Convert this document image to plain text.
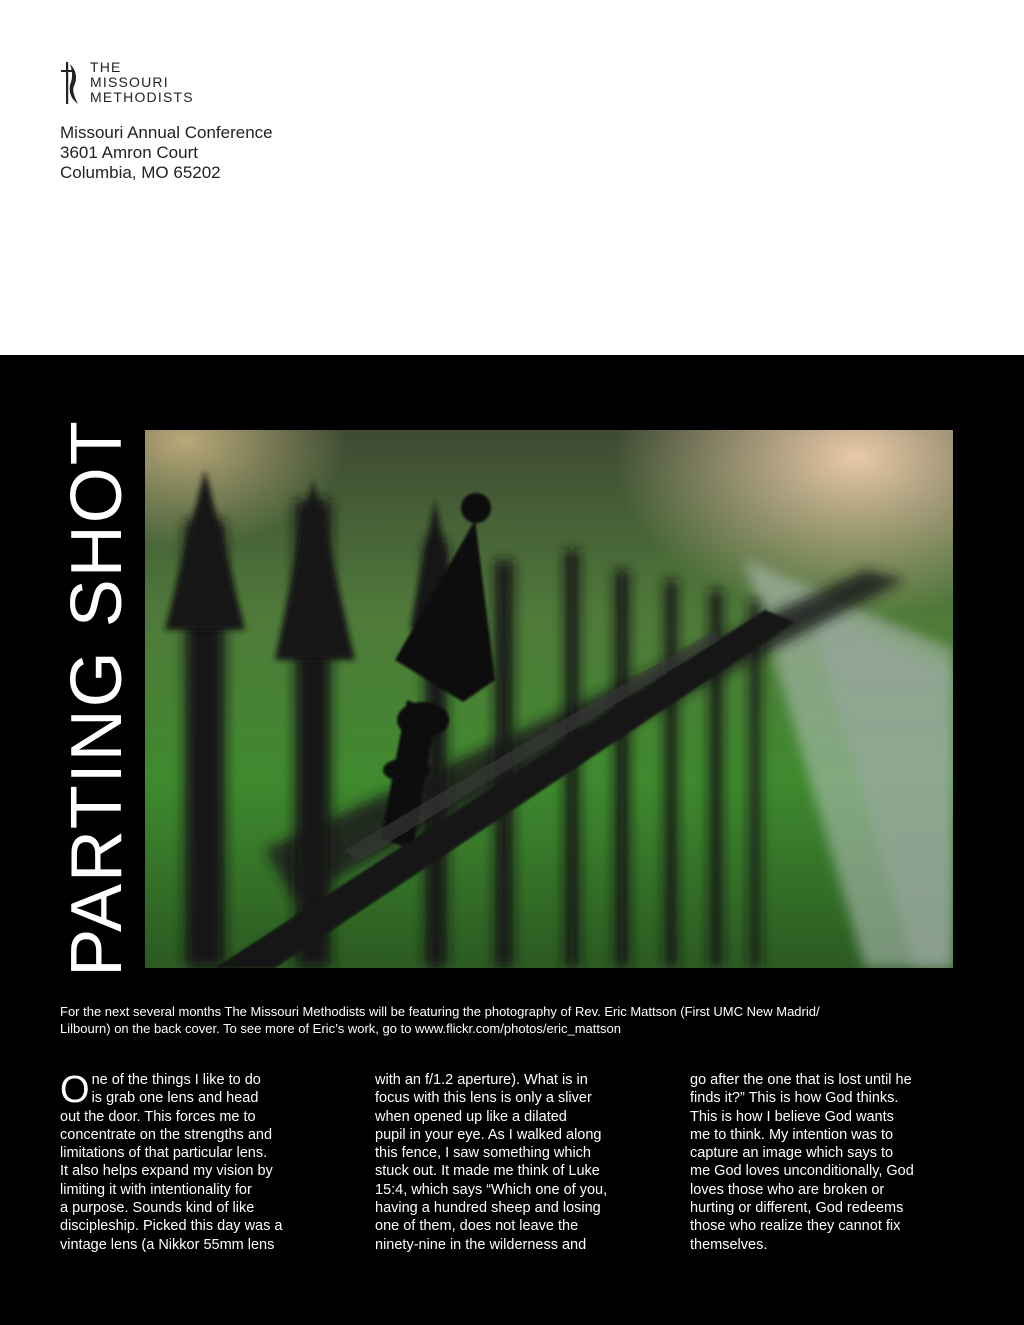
THE
MISSOURI
METHODISTS
Missouri Annual Conference
3601 Amron Court
Columbia, MO 65202
PARTING SHOT
For the next several months The Missouri Methodists will be featuring the photography of Rev. Eric Mattson (First UMC New Madrid/
Lilbourn) on the back cover. To see more of Eric’s work, go to www.flickr.com/photos/eric_mattson
O ne of the things I like to do
is grab one lens and head
out the door. This forces me to
concentrate on the strengths and
limitations of that particular lens.
It also helps expand my vision by
limiting it with intentionality for
a purpose. Sounds kind of like
discipleship. Picked this day was a
vintage lens (a Nikkor 55mm lens
with an f/1.2 aperture). What is in
focus with this lens is only a sliver
when opened up like a dilated
pupil in your eye. As I walked along
this fence, I saw something which
stuck out. It made me think of Luke
15:4, which says “Which one of you,
having a hundred sheep and losing
one of them, does not leave the
ninety-nine in the wilderness and
go after the one that is lost until he
finds it?” This is how God thinks.
This is how I believe God wants
me to think. My intention was to
capture an image which says to
me God loves unconditionally, God
loves those who are broken or
hurting or different, God redeems
those who realize they cannot fix
themselves.
